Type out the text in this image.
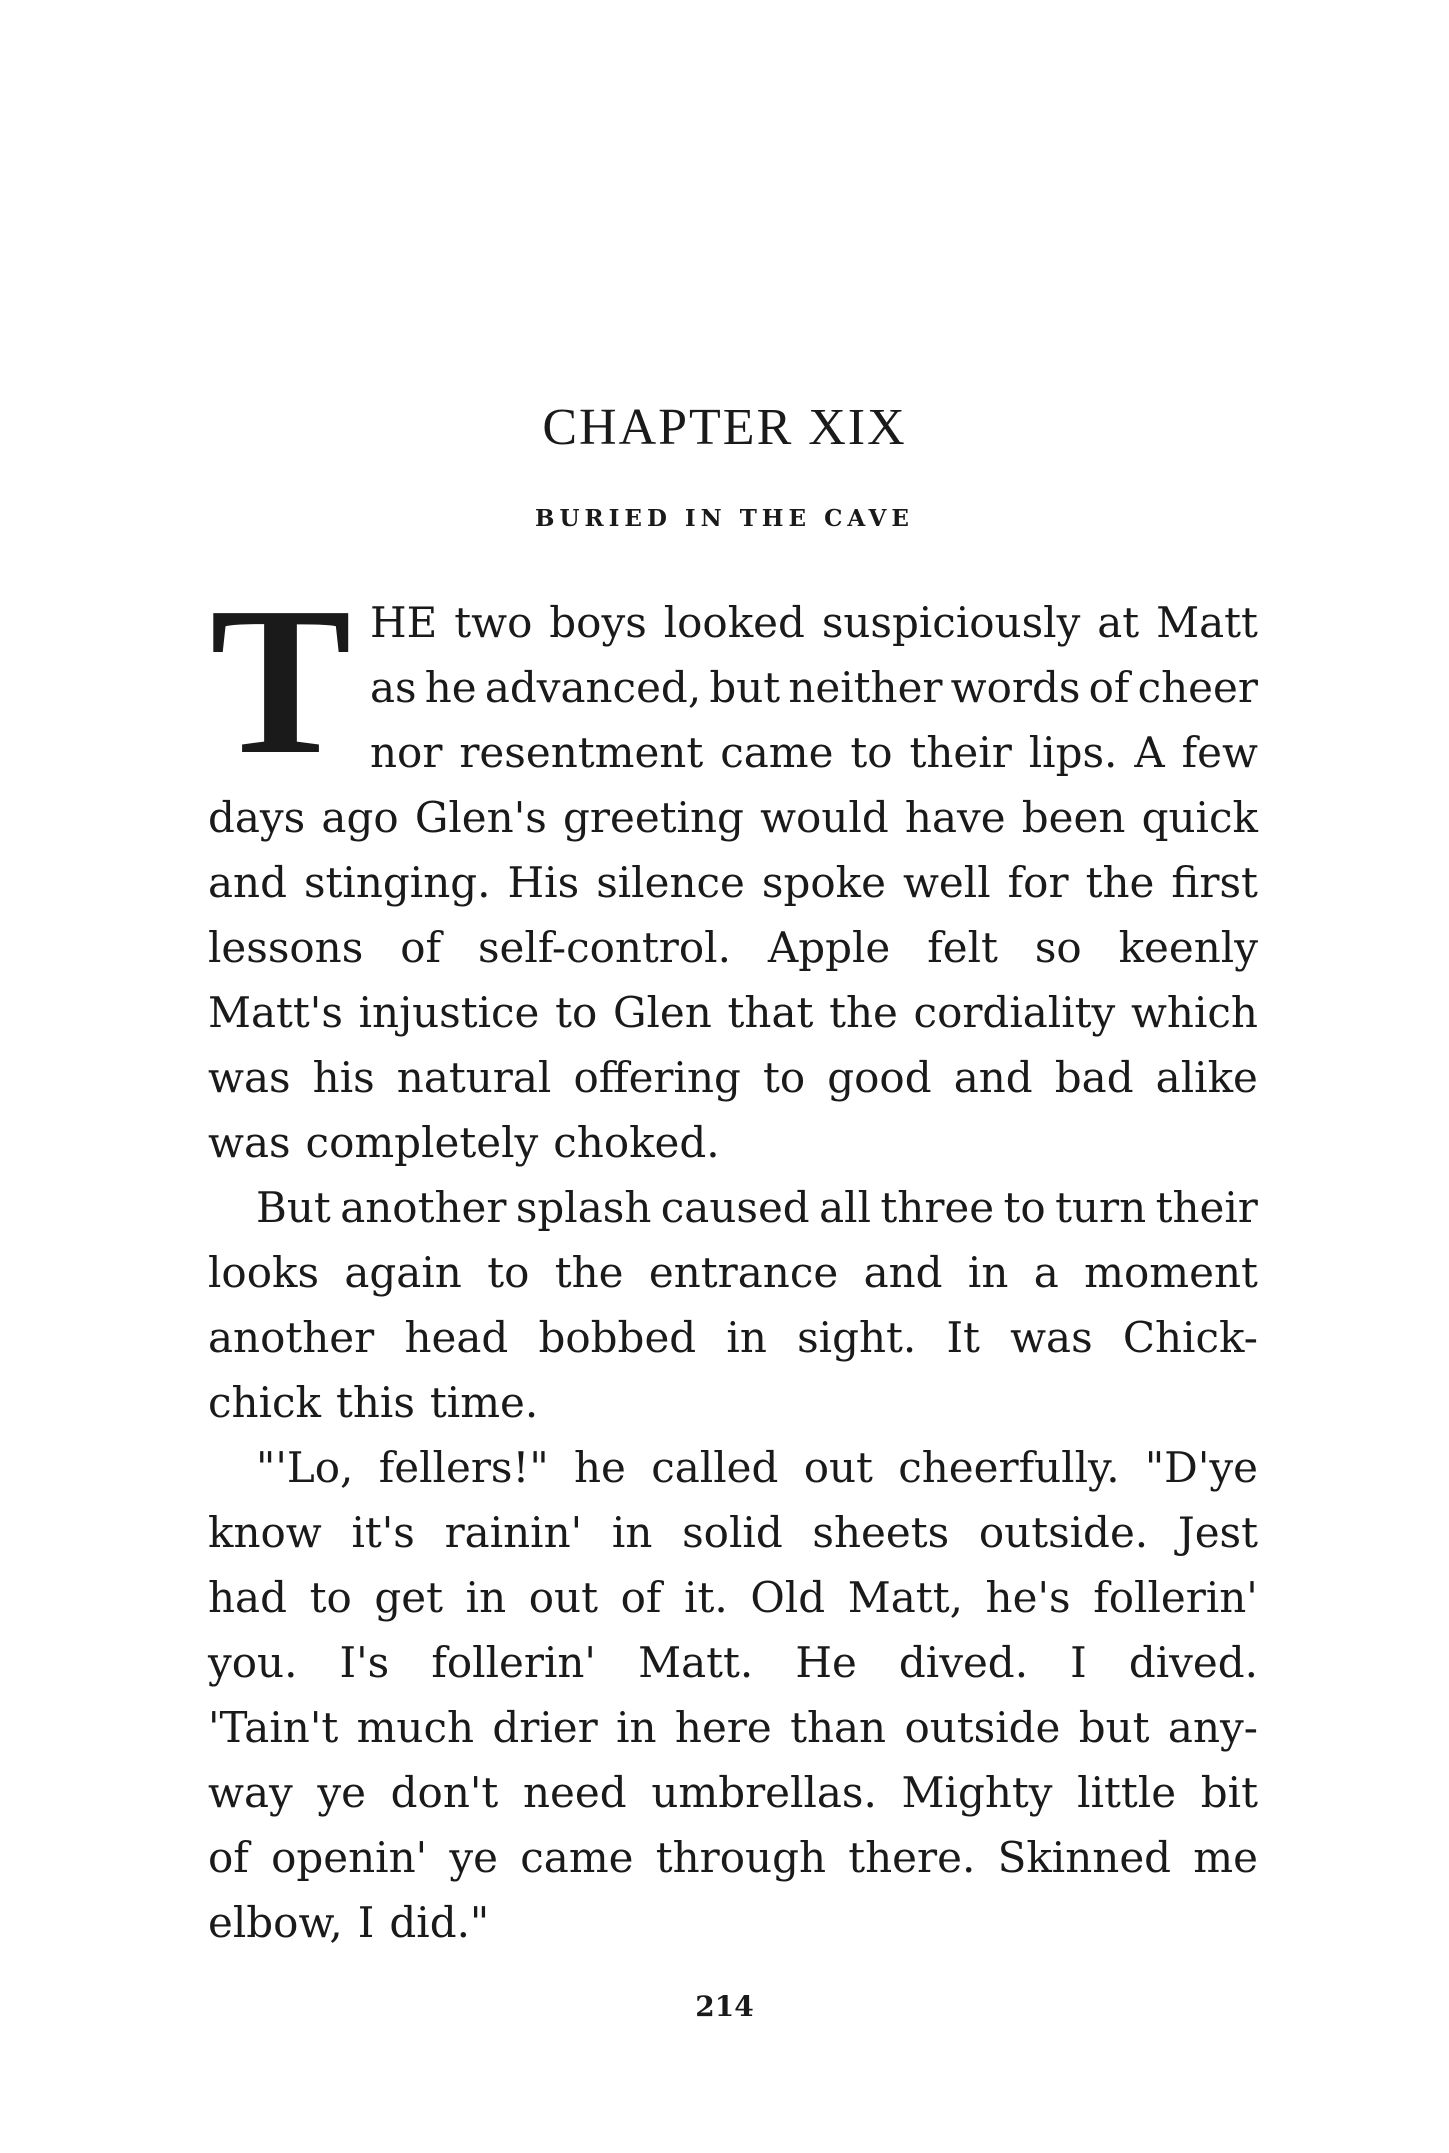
CHAPTER XIX
BURIED IN THE CAVE
T HE two boys looked suspiciously at Matt
as he advanced, but neither words of cheer
nor resentment came to their lips. A few
days ago Glen's greeting would have been quick
and stinging. His silence spoke well for the first
lessons of self-control. Apple felt so keenly
Matt's injustice to Glen that the cordiality which
was his natural offering to good and bad alike
was completely choked.
But another splash caused all three to turn their
looks again to the entrance and in a moment
another head bobbed in sight. It was Chick-
chick this time.
"'Lo, fellers!" he called out cheerfully. "D'ye
know it's rainin' in solid sheets outside. Jest
had to get in out of it. Old Matt, he's follerin'
you. I's follerin' Matt. He dived. I dived.
'Tain't much drier in here than outside but any-
way ye don't need umbrellas. Mighty little bit
of openin' ye came through there. Skinned me
elbow, I did."
214
